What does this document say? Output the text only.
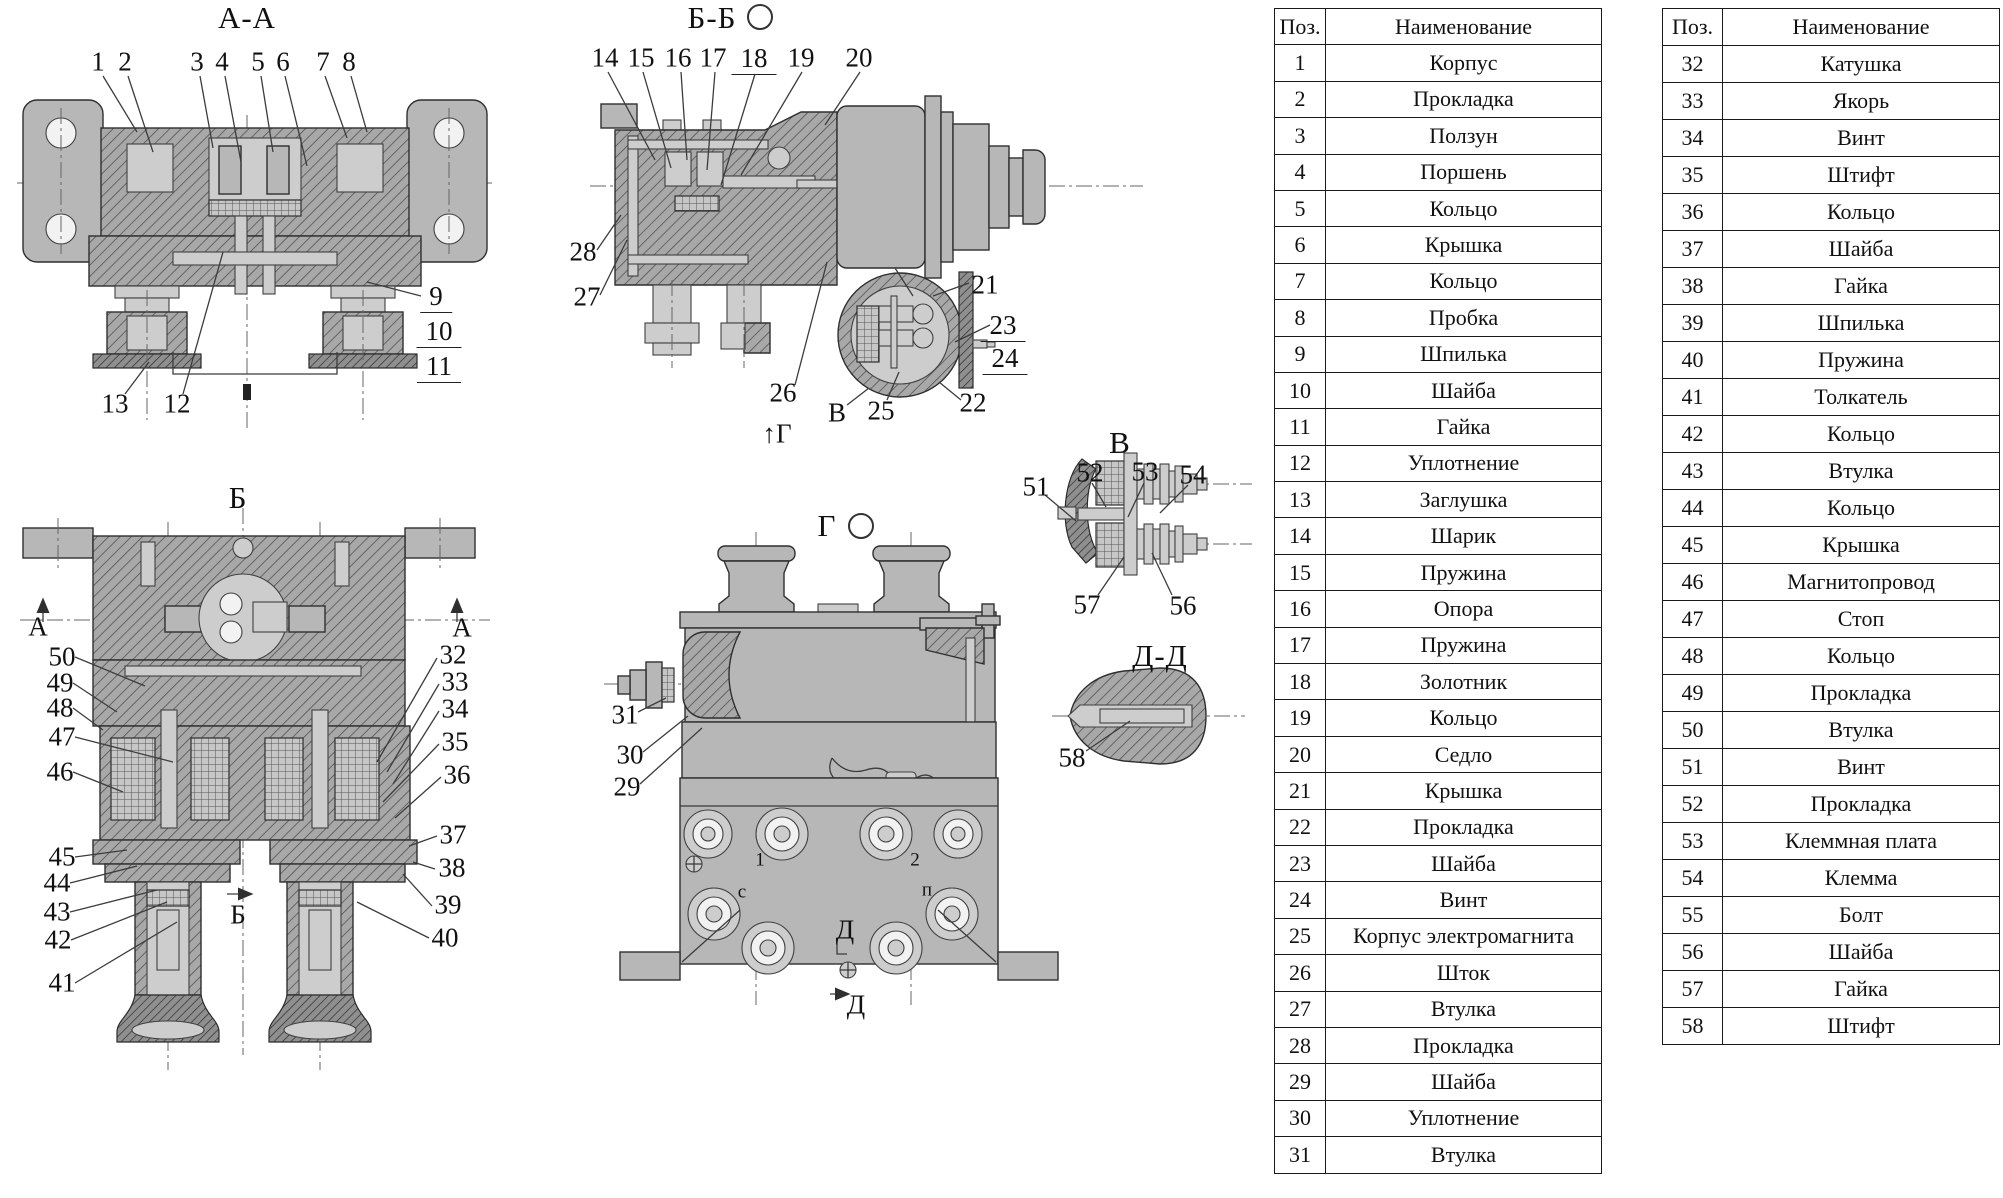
А-А
1 2 3 4 5 6 7 8
9
10
11
13 12
Б-Б
14 15 16 17 18 19 20
28
27	21
23
24
22
26
В 25
↑Г
Б
А
50
49
48
47
46
45
44
43
42
41
А
32
33
34
35
36
37
38
39
40
Б
Г
31
30
29
1	2
с	п
Д
Д
В
51 52 53 54
57	56
Д-Д
58
Поз.	Наименование
1	Корпус
2	Прокладка
3	Ползун
4	Поршень
5	Кольцо
6	Крышка
7	Кольцо
8	Пробка
9	Шпилька
10	Шайба
11	Гайка
12	Уплотнение
13	Заглушка
14	Шарик
15	Пружина
16	Опора
17	Пружина
18	Золотник
19	Кольцо
20	Седло
21	Крышка
22	Прокладка
23	Шайба
24	Винт
25	Корпус электромагнита
26	Шток
27	Втулка
28	Прокладка
29	Шайба
30	Уплотнение
31	Втулка
Поз.	Наименование
32	Катушка
33	Якорь
34	Винт
35	Штифт
36	Кольцо
37	Шайба
38	Гайка
39	Шпилька
40	Пружина
41	Толкатель
42	Кольцо
43	Втулка
44	Кольцо
45	Крышка
46	Магнитопровод
47	Стоп
48	Кольцо
49	Прокладка
50	Втулка
51	Винт
52	Прокладка
53	Клеммная плата
54	Клемма
55	Болт
56	Шайба
57	Гайка
58	Штифт
